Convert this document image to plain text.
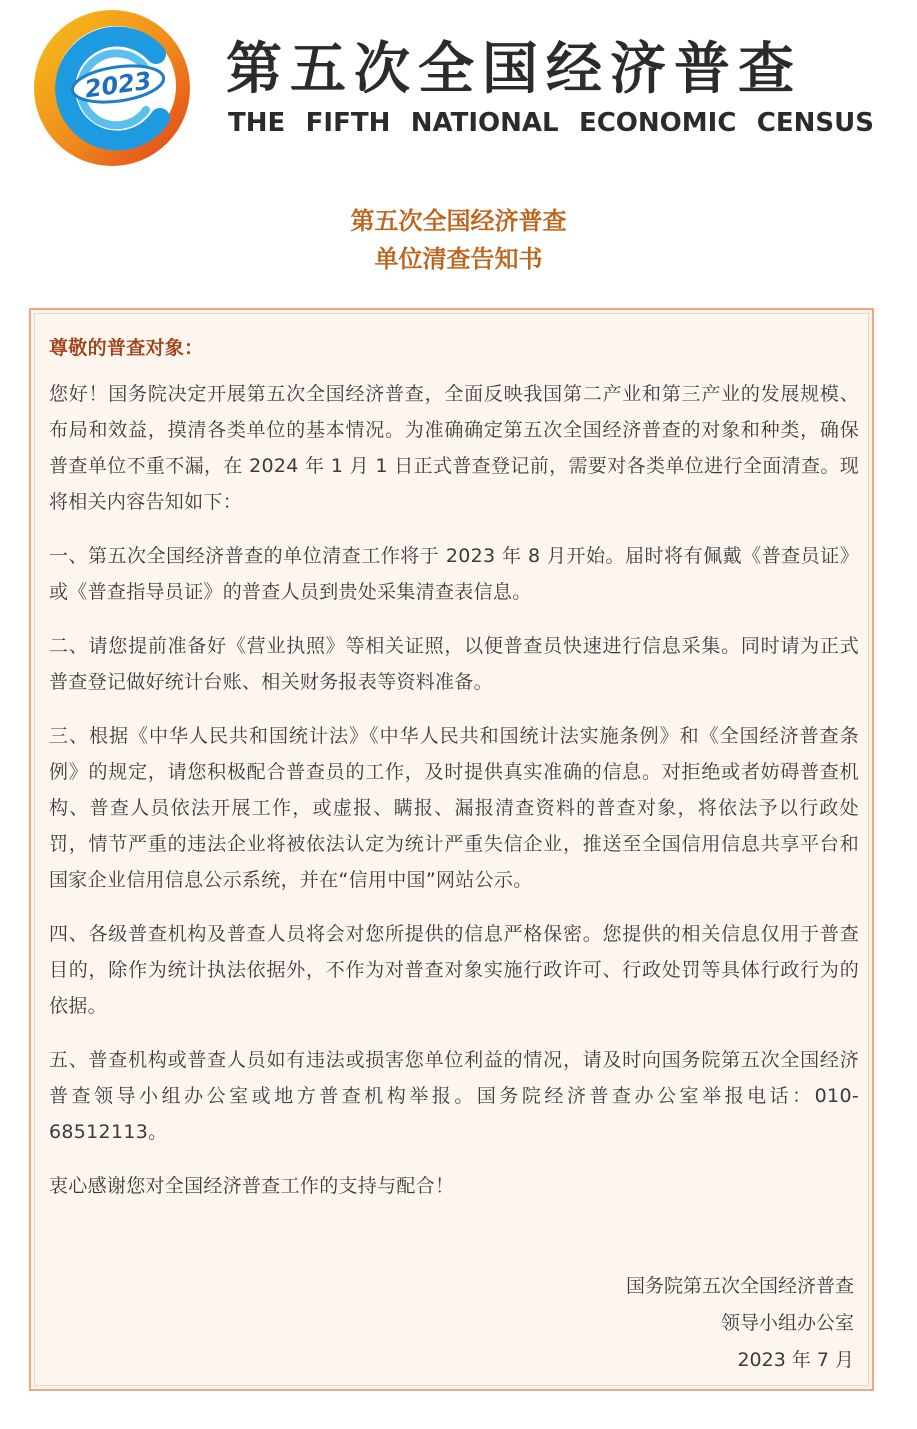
2023 第五次全国经济普查
THE FIFTH NATIONAL ECONOMIC CENSUS
第五次全国经济普查
单位清查告知书
尊敬的普查对象：

您好！国务院决定开展第五次全国经济普查，全面反映我国第二产业和第三产业的发展规模、布局和效益，摸清各类单位的基本情况。为准确确定第五次全国经济普查的对象和种类，确保普查单位不重不漏，在 2024 年 1 月 1 日正式普查登记前，需要对各类单位进行全面清查。现将相关内容告知如下：

一、第五次全国经济普查的单位清查工作将于 2023 年 8 月开始。届时将有佩戴《普查员证》或《普查指导员证》的普查人员到贵处采集清查表信息。

二、请您提前准备好《营业执照》等相关证照，以便普查员快速进行信息采集。同时请为正式普查登记做好统计台账、相关财务报表等资料准备。

三、根据《中华人民共和国统计法》《中华人民共和国统计法实施条例》和《全国经济普查条例》的规定，请您积极配合普查员的工作，及时提供真实准确的信息。对拒绝或者妨碍普查机构、普查人员依法开展工作，或虚报、瞒报、漏报清查资料的普查对象，将依法予以行政处罚，情节严重的违法企业将被依法认定为统计严重失信企业，推送至全国信用信息共享平台和国家企业信用信息公示系统，并在“信用中国”网站公示。

四、各级普查机构及普查人员将会对您所提供的信息严格保密。您提供的相关信息仅用于普查目的，除作为统计执法依据外，不作为对普查对象实施行政许可、行政处罚等具体行政行为的依据。

五、普查机构或普查人员如有违法或损害您单位利益的情况，请及时向国务院第五次全国经济普查领导小组办公室或地方普查机构举报。国务院经济普查办公室举报电话：010-68512113。

衷心感谢您对全国经济普查工作的支持与配合！

国务院第五次全国经济普查
领导小组办公室
2023 年 7 月
